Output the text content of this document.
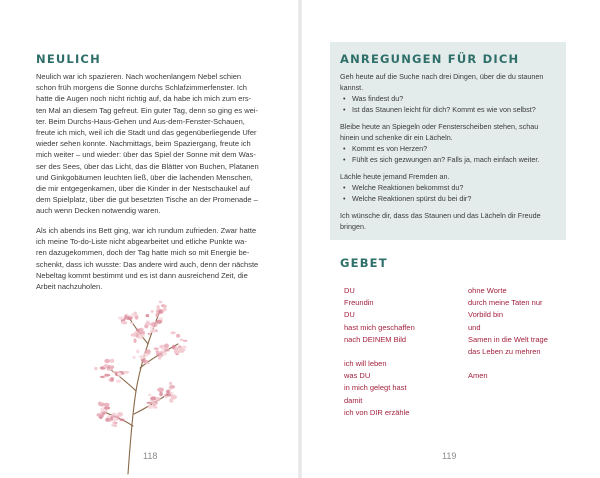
NEULICH
Neulich war ich spazieren. Nach wochenlangem Nebel schien
schon früh morgens die Sonne durchs Schlafzimmerfenster. Ich
hatte die Augen noch nicht richtig auf, da habe ich mich zum ers-
ten Mal an diesem Tag gefreut. Ein guter Tag, denn so ging es wei-
ter. Beim Durchs-Haus-Gehen und Aus-dem-Fenster-Schauen,
freute ich mich, weil ich die Stadt und das gegenüberliegende Ufer
wieder sehen konnte. Nachmittags, beim Spaziergang, freute ich
mich weiter – und wieder: über das Spiel der Sonne mit dem Was-
ser des Sees, über das Licht, das die Blätter von Buchen, Platanen
und Ginkgobäumen leuchten ließ, über die lachenden Menschen,
die mir entgegenkamen, über die Kinder in der Nestschaukel auf
dem Spielplatz, über die gut besetzten Tische an der Promenade –
auch wenn Decken notwendig waren.
Als ich abends ins Bett ging, war ich rundum zufrieden. Zwar hatte
ich meine To-do-Liste nicht abgearbeitet und etliche Punkte wa-
ren dazugekommen, doch der Tag hatte mich so mit Energie be-
schenkt, dass ich wusste: Das andere wird auch, denn der nächste
Nebeltag kommt bestimmt und es ist dann ausreichend Zeit, die
Arbeit nachzuholen.
118
ANREGUNGEN FÜR DICH

Geh heute auf die Suche nach drei Dingen, über die du staunen

kannst.

• Was findest du?

• Ist das Staunen leicht für dich? Kommt es wie von selbst?

Bleibe heute an Spiegeln oder Fensterscheiben stehen, schau

hinein und schenke dir ein Lächeln.

• Kommt es von Herzen?

• Fühlt es sich gezwungen an? Falls ja, mach einfach weiter.

Lächle heute jemand Fremden an.

• Welche Reaktionen bekommst du?

• Welche Reaktionen spürst du bei dir?

Ich wünsche dir, dass das Staunen und das Lächeln dir Freude

bringen.

GEBET
DU
Freundin
DU
hast mich geschaffen
nach DEINEM Bild
ich will leben
was DU
in mich gelegt hast
damit
ich von DIR erzähle
ohne Worte
durch meine Taten nur
Vorbild bin
und
Samen in die Welt trage
das Leben zu mehren
Amen
119
